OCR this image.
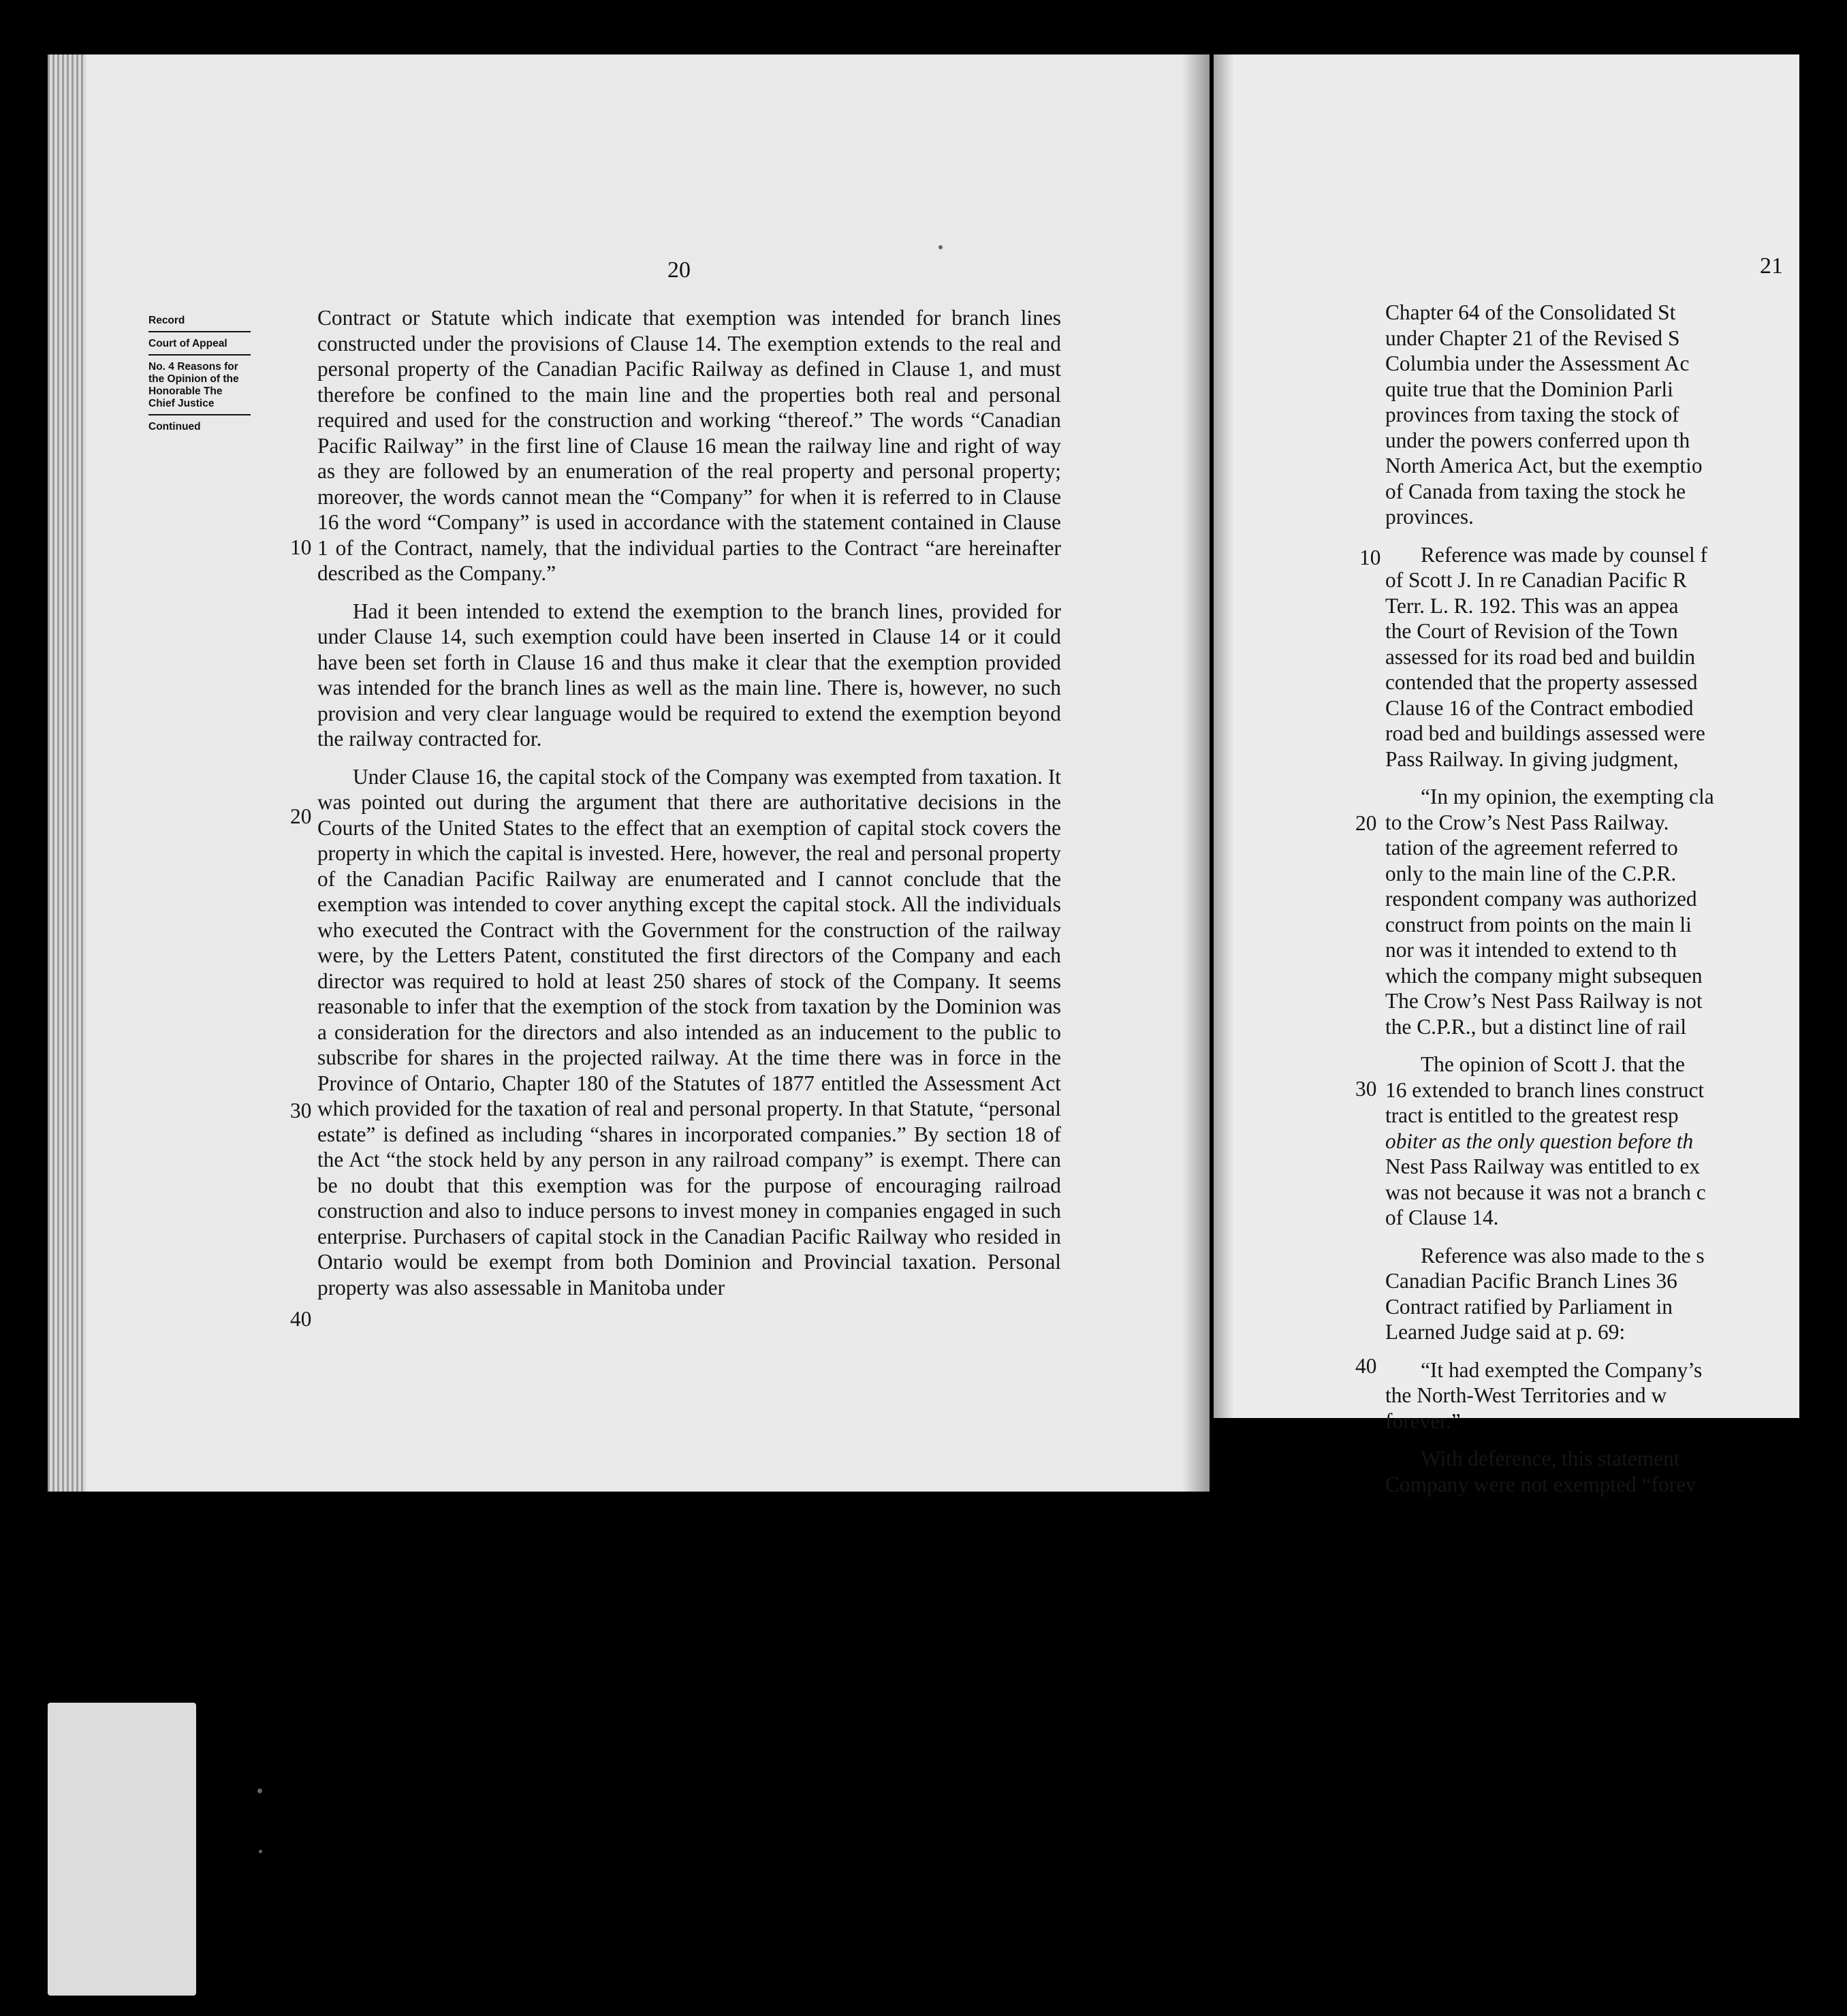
20

Record

Court of Appeal

No. 4 Reasons for the Opinion of the Honorable The Chief Justice

Continued

10
20
30
40

Contract or Statute which indicate that exemption was intended for branch lines constructed under the provisions of Clause 14. The exemption extends to the real and personal property of the Canadian Pacific Railway as defined in Clause 1, and must therefore be confined to the main line and the properties both real and personal required and used for the construction and working “thereof.” The words “Canadian Pacific Railway” in the first line of Clause 16 mean the railway line and right of way as they are followed by an enumeration of the real property and personal property; moreover, the words cannot mean the “Company” for when it is referred to in Clause 16 the word “Company” is used in accordance with the statement contained in Clause 1 of the Contract, namely, that the individual parties to the Contract “are hereinafter described as the Company.”

Had it been intended to extend the exemption to the branch lines, provided for under Clause 14, such exemption could have been inserted in Clause 14 or it could have been set forth in Clause 16 and thus make it clear that the exemption provided was intended for the branch lines as well as the main line. There is, however, no such provision and very clear language would be required to extend the exemption beyond the railway contracted for.

Under Clause 16, the capital stock of the Company was exempted from taxation. It was pointed out during the argument that there are authoritative decisions in the Courts of the United States to the effect that an exemption of capital stock covers the property in which the capital is invested. Here, however, the real and personal property of the Canadian Pacific Railway are enumerated and I cannot conclude that the exemption was intended to cover anything except the capital stock. All the individuals who executed the Contract with the Government for the construction of the railway were, by the Letters Patent, constituted the first directors of the Company and each director was required to hold at least 250 shares of stock of the Company. It seems reasonable to infer that the exemption of the stock from taxation by the Dominion was a consideration for the directors and also intended as an inducement to the public to subscribe for shares in the projected railway. At the time there was in force in the Province of Ontario, Chapter 180 of the Statutes of 1877 entitled the Assessment Act which provided for the taxation of real and personal property. In that Statute, “personal estate” is defined as including “shares in incorporated companies.” By section 18 of the Act “the stock held by any person in any railroad company” is exempt. There can be no doubt that this exemption was for the purpose of encouraging railroad construction and also to induce persons to invest money in companies engaged in such enterprise. Purchasers of capital stock in the Canadian Pacific Railway who resided in Ontario would be exempt from both Dominion and Provincial taxation. Personal property was also assessable in Manitoba under

21
10
20
30
40

Chapter 64 of the Consolidated St
under Chapter 21 of the Revised S
Columbia under the Assessment Ac
quite true that the Dominion Parli
provinces from taxing the stock of
under the powers conferred upon th
North America Act, but the exemptio
of Canada from taxing the stock he
provinces.

Reference was made by counsel f
of Scott J. In re Canadian Pacific R
Terr. L. R. 192. This was an appea
the Court of Revision of the Town
assessed for its road bed and buildin
contended that the property assessed
Clause 16 of the Contract embodied
road bed and buildings assessed were
Pass Railway. In giving judgment,

“In my opinion, the exempting cla
to the Crow’s Nest Pass Railway.
tation of the agreement referred to
only to the main line of the C.P.R.
respondent company was authorized
construct from points on the main li
nor was it intended to extend to th
which the company might subsequen
The Crow’s Nest Pass Railway is not
the C.P.R., but a distinct line of rail

The opinion of Scott J. that the
16 extended to branch lines construct
tract is entitled to the greatest resp
obiter as the only question before th
Nest Pass Railway was entitled to ex
was not because it was not a branch c
of Clause 14.

Reference was also made to the s
Canadian Pacific Branch Lines 36
Contract ratified by Parliament in
Learned Judge said at p. 69:

“It had exempted the Company’s
the North-West Territories and w
forever.”

With deference, this statement
Company were not exempted “forev
